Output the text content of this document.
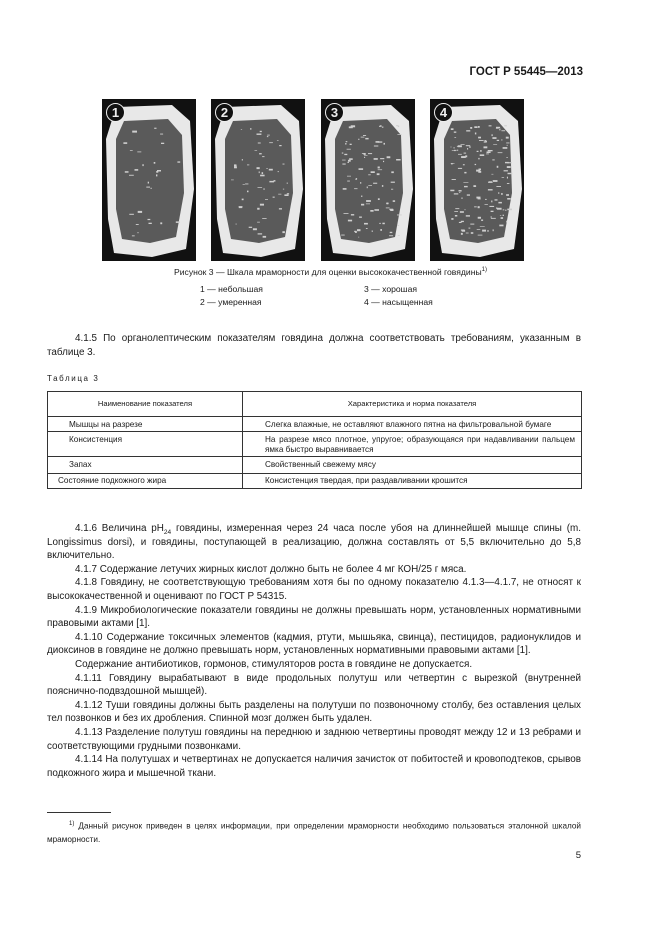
ГОСТ Р 55445—2013
1	2	3	4
Рисунок 3 — Шкала мраморности для оценки высококачественной говядины$^{1)}$
1 — небольшая
2 — умеренная
3 — хорошая
4 — насыщенная

4.1.5 По органолептическим показателям говядина должна соответствовать требованиям, указанным в таблице 3.

Таблица 3
Наименование показателя	Характеристика и норма показателя
Мышцы на разрезе	Слегка влажные, не оставляют влажного пятна на фильтровальной бумаге
Консистенция	На разрезе мясо плотное, упругое; образующаяся при надавливании пальцем ямка быстро выравнивается
Запах	Свойственный свежему мясу
Состояние подкожного жира	Консистенция твердая, при раздавливании крошится

4.1.6 Величина $pH_{24}$ говядины, измеренная через 24 часа после убоя на длиннейшей мышце спины (m. Longissimus dorsi), и говядины, поступающей в реализацию, должна составлять от 5,5 включительно до 5,8 включительно.

4.1.7 Содержание летучих жирных кислот должно быть не более 4 мг КОН/25 г мяса.

4.1.8 Говядину, не соответствующую требованиям хотя бы по одному показателю 4.1.3—4.1.7, не относят к высококачественной и оценивают по ГОСТ Р 54315.

4.1.9 Микробиологические показатели говядины не должны превышать норм, установленных нормативными правовыми актами [1].

4.1.10 Содержание токсичных элементов (кадмия, ртути, мышьяка, свинца), пестицидов, радионуклидов и диоксинов в говядине не должно превышать норм, установленных нормативными правовыми актами [1].

Содержание антибиотиков, гормонов, стимуляторов роста в говядине не допускается.

4.1.11 Говядину вырабатывают в виде продольных полутуш или четвертин с вырезкой (внутренней поясничнo-подвздошной мышцей).

4.1.12 Туши говядины должны быть разделены на полутуши по позвоночному столбу, без оставления целых тел позвонков и без их дробления. Спинной мозг должен быть удален.

4.1.13 Разделение полутуш говядины на переднюю и заднюю четвертины проводят между 12 и 13 ребрами и соответствующими грудными позвонками.

4.1.14 На полутушах и четвертинах не допускается наличия зачисток от побитостей и кровоподтеков, срывов подкожного жира и мышечной ткани.

$^{1)}$ Данный рисунок приведен в целях информации, при определении мраморности необходимо пользоваться эталонной шкалой мраморности.

5
